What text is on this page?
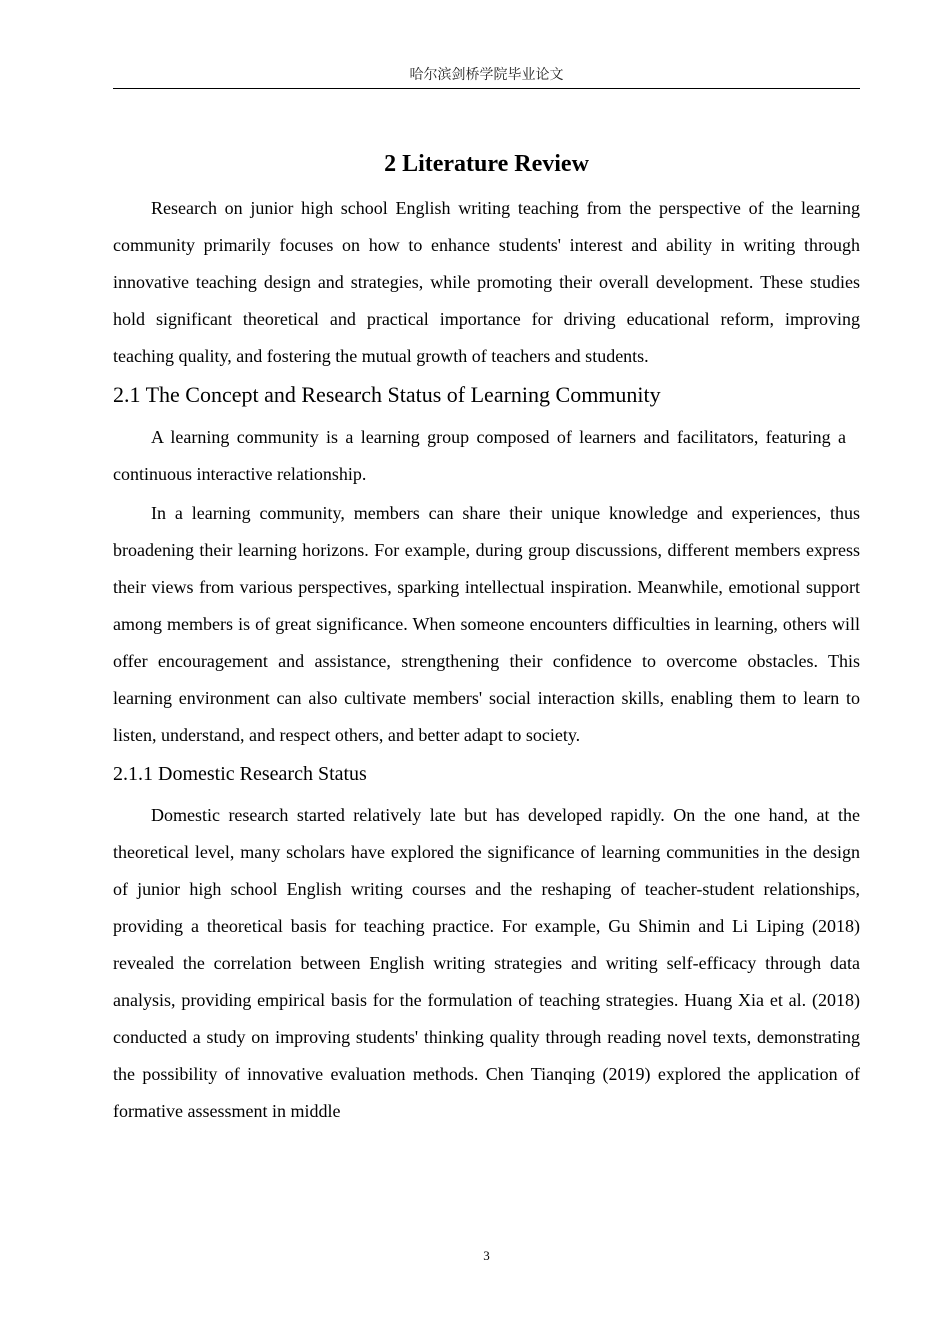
哈尔滨剑桥学院毕业论文
2 Literature Review

Research on junior high school English writing teaching from the perspective of the learning community primarily focuses on how to enhance students' interest and ability in writing through innovative teaching design and strategies, while promoting their overall development. These studies hold significant theoretical and practical importance for driving educational reform, improving teaching quality, and fostering the mutual growth of teachers and students.

2.1 The Concept and Research Status of Learning Community

A learning community is a learning group composed of learners and facilitators, featuring a continuous interactive relationship.

In a learning community, members can share their unique knowledge and experiences, thus broadening their learning horizons. For example, during group discussions, different members express their views from various perspectives, sparking intellectual inspiration. Meanwhile, emotional support among members is of great significance. When someone encounters difficulties in learning, others will offer encouragement and assistance, strengthening their confidence to overcome obstacles. This learning environment can also cultivate members' social interaction skills, enabling them to learn to listen, understand, and respect others, and better adapt to society.

2.1.1 Domestic Research Status

Domestic research started relatively late but has developed rapidly. On the one hand, at the theoretical level, many scholars have explored the significance of learning communities in the design of junior high school English writing courses and the reshaping of teacher-student relationships, providing a theoretical basis for teaching practice. For example, Gu Shimin and Li Liping (2018) revealed the correlation between English writing strategies and writing self-efficacy through data analysis, providing empirical basis for the formulation of teaching strategies. Huang Xia et al. (2018) conducted a study on improving students' thinking quality through reading novel texts, demonstrating the possibility of innovative evaluation methods. Chen Tianqing (2019) explored the application of formative assessment in middle

3
